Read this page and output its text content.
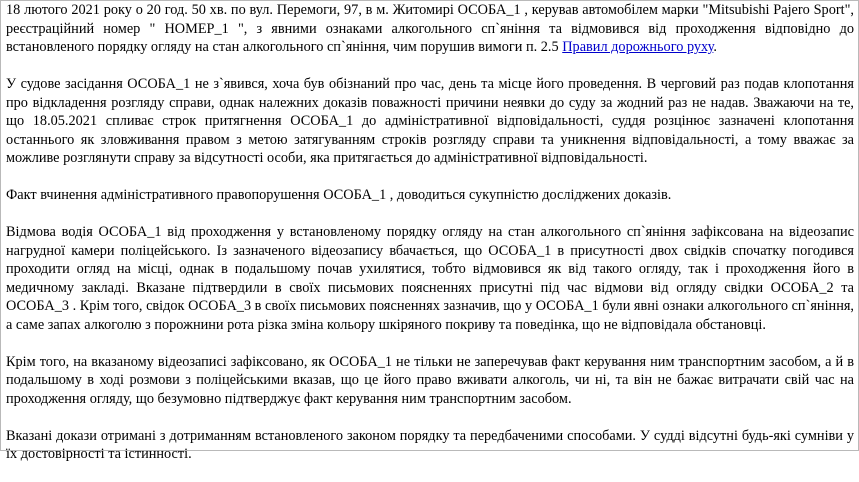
18 лютого 2021 року о 20 год. 50 хв. по вул. Перемоги, 97, в м. Житомирі ОСОБА_1 , керував автомобілем марки "Mitsubishi Pajero Sport", реєстраційний номер " НОМЕР_1 ", з явними ознаками алкогольного сп`яніння та відмовився від проходження відповідно до встановленого порядку огляду на стан алкогольного сп`яніння, чим порушив вимоги п. 2.5 Правил дорожнього руху.

У судове засідання ОСОБА_1 не з`явився, хоча був обізнаний про час, день та місце його проведення. В черговий раз подав клопотання про відкладення розгляду справи, однак належних доказів поважності причини неявки до суду за жодний раз не надав. Зважаючи на те, що 18.05.2021 спливає строк притягнення ОСОБА_1 до адміністративної відповідальності, суддя розцінює зазначені клопотання останнього як зловживання правом з метою затягуванням строків розгляду справи та уникнення відповідальності, а тому вважає за можливе розглянути справу за відсутності особи, яка притягається до адміністративної відповідальності.

Факт вчинення адміністративного правопорушення ОСОБА_1 , доводиться сукупністю досліджених доказів.

Відмова водія ОСОБА_1 від проходження у встановленому порядку огляду на стан алкогольного сп`яніння зафіксована на відеозапис нагрудної камери поліцейського. Із зазначеного відеозапису вбачається, що ОСОБА_1 в присутності двох свідків спочатку погодився проходити огляд на місці, однак в подальшому почав ухилятися, тобто відмовився як від такого огляду, так і проходження його в медичному закладі. Вказане підтвердили в своїх письмових поясненнях присутні під час відмови від огляду свідки ОСОБА_2 та ОСОБА_3 . Крім того, свідок ОСОБА_3 в своїх письмових поясненнях зазначив, що у ОСОБА_1 були явні ознаки алкогольного сп`яніння, а саме запах алкоголю з порожнини рота різка зміна кольору шкіряного покриву та поведінка, що не відповідала обстановці.

Крім того, на вказаному відеозаписі зафіксовано, як ОСОБА_1 не тільки не заперечував факт керування ним транспортним засобом, а й в подальшому в ході розмови з поліцейськими вказав, що це його право вживати алкоголь, чи ні, та він не бажає витрачати свій час на проходження огляду, що безумовно підтверджує факт керування ним транспортним засобом.

Вказані докази отримані з дотриманням встановленого законом порядку та передбаченими способами. У судді відсутні будь-які сумніви у їх достовірності та істинності.
